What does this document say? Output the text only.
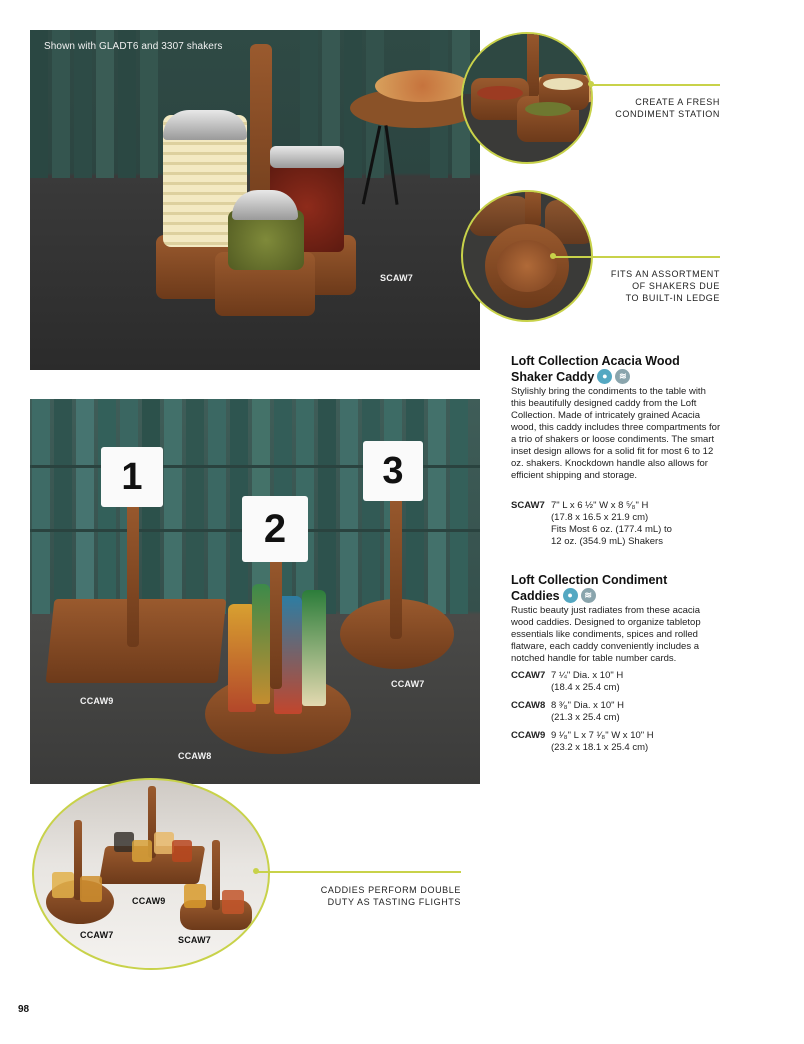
Shown with GLADT6 and 3307 shakers
SCAW7
CREATE A FRESH
CONDIMENT STATION
FITS AN ASSORTMENT
OF SHAKERS DUE
TO BUILT-IN LEDGE
Loft Collection Acacia Wood
Shaker Caddy ●	≋
Stylishly bring the condiments to the table with this beautifully designed caddy from the Loft Collection. Made of intricately grained Acacia wood, this caddy includes three compartments for a trio of shakers or loose condiments. The smart inset design allows for a solid fit for most 6 to 12 oz. shakers. Knockdown handle also allows for efficient shipping and storage.
SCAW7 7" L x 6 ½" W x 8 ⁵⁄₈" H
(17.8 x 16.5 x 21.9 cm)
Fits Most 6 oz. (177.4 mL) to
12 oz. (354.9 mL) Shakers
1	3
2
CCAW9
CCAW8
CCAW7
Loft Collection Condiment
Caddies ●	≋
Rustic beauty just radiates from these acacia wood caddies. Designed to organize tabletop essentials like condiments, spices and rolled flatware, each caddy conveniently includes a notched handle for table number cards.
CCAW7 7 ¼" Dia. x 10" H
(18.4 x 25.4 cm)
CCAW8 8 ³⁄₈" Dia. x 10" H
(21.3 x 25.4 cm)
CCAW9 9 ¹⁄₈" L x 7 ¹⁄₈" W x 10" H
(23.2 x 18.1 x 25.4 cm)
CCAW9
CCAW7	SCAW7
CADDIES PERFORM DOUBLE
DUTY AS TASTING FLIGHTS
98
